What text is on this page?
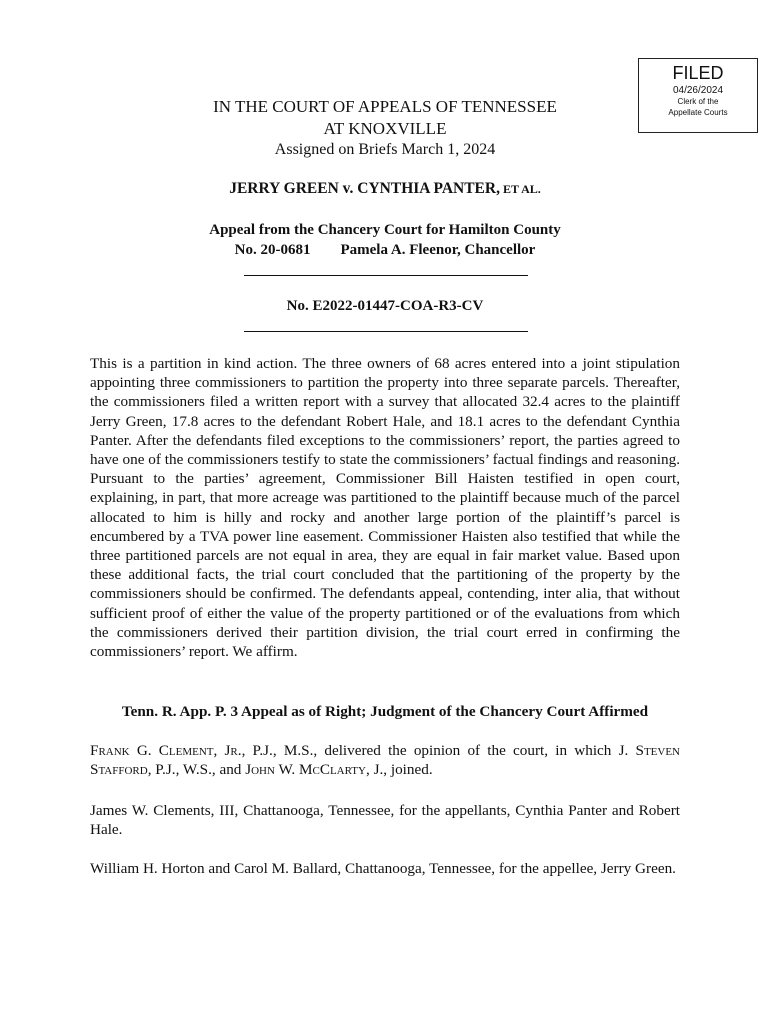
FILED
04/26/2024
Clerk of the
Appellate Courts
IN THE COURT OF APPEALS OF TENNESSEE
AT KNOXVILLE
Assigned on Briefs March 1, 2024
JERRY GREEN v. CYNTHIA PANTER, ET AL.
Appeal from the Chancery Court for Hamilton County
No. 20-0681 Pamela A. Fleenor, Chancellor
No. E2022-01447-COA-R3-CV

This is a partition in kind action. The three owners of 68 acres entered into a joint stipulation appointing three commissioners to partition the property into three separate parcels. Thereafter, the commissioners filed a written report with a survey that allocated 32.4 acres to the plaintiff Jerry Green, 17.8 acres to the defendant Robert Hale, and 18.1 acres to the defendant Cynthia Panter. After the defendants filed exceptions to the commissioners’ report, the parties agreed to have one of the commissioners testify to state the commissioners’ factual findings and reasoning. Pursuant to the parties’ agreement, Commissioner Bill Haisten testified in open court, explaining, in part, that more acreage was partitioned to the plaintiff because much of the parcel allocated to him is hilly and rocky and another large portion of the plaintiff’s parcel is encumbered by a TVA power line easement. Commissioner Haisten also testified that while the three partitioned parcels are not equal in area, they are equal in fair market value. Based upon these additional facts, the trial court concluded that the partitioning of the property by the commissioners should be confirmed. The defendants appeal, contending, inter alia, that without sufficient proof of either the value of the property partitioned or of the evaluations from which the commissioners derived their partition division, the trial court erred in confirming the commissioners’ report. We affirm.

Tenn. R. App. P. 3 Appeal as of Right; Judgment of the Chancery Court Affirmed

Frank G. Clement, Jr., P.J., M.S., delivered the opinion of the court, in which J. Steven Stafford, P.J., W.S., and John W. McClarty, J., joined.

James W. Clements, III, Chattanooga, Tennessee, for the appellants, Cynthia Panter and Robert Hale.

William H. Horton and Carol M. Ballard, Chattanooga, Tennessee, for the appellee, Jerry Green.
